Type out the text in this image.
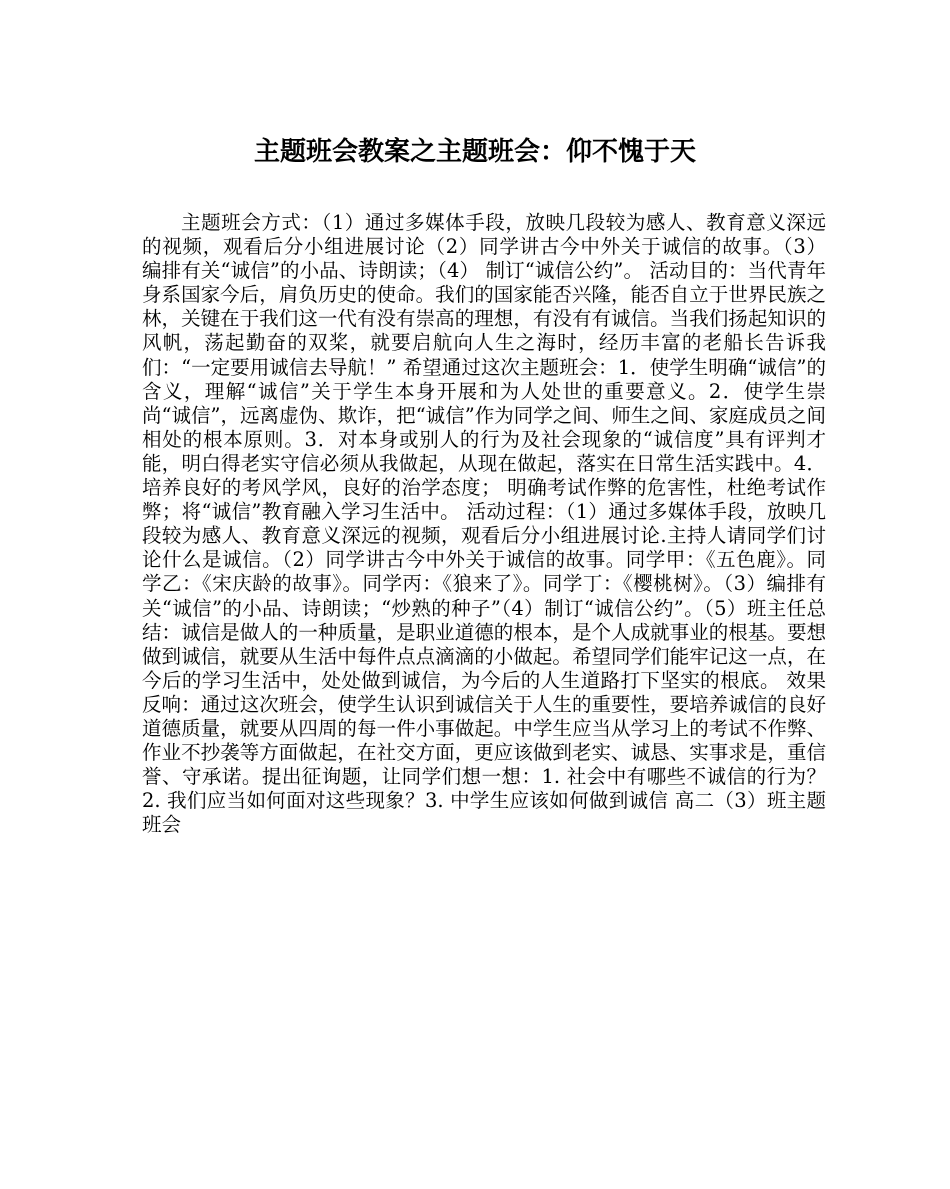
主题班会教案之主题班会：仰不愧于天

主题班会方式：（1）通过多媒体手段，放映几段较为感人、教育意义深远的视频，观看后分小组进展讨论（2）同学讲古今中外关于诚信的故事。（3） 编排有关“诚信”的小品、诗朗读；（4） 制订“诚信公约”。 活动目的：当代青年身系国家今后，肩负历史的使命。我们的国家能否兴隆，能否自立于世界民族之林，关键在于我们这一代有没有崇高的理想，有没有有诚信。当我们扬起知识的风帆，荡起勤奋的双桨，就要启航向人生之海时，经历丰富的老船长告诉我们：“一定要用诚信去导航！” 希望通过这次主题班会：1．使学生明确“诚信”的含义，理解“诚信”关于学生本身开展和为人处世的重要意义。2．使学生崇尚“诚信”，远离虚伪、欺诈，把“诚信”作为同学之间、师生之间、家庭成员之间相处的根本原则。3．对本身或别人的行为及社会现象的“诚信度”具有评判才能，明白得老实守信必须从我做起，从现在做起，落实在日常生活实践中。4．培养良好的考风学风，良好的治学态度； 明确考试作弊的危害性，杜绝考试作弊；将“诚信”教育融入学习生活中。 活动过程：（1）通过多媒体手段，放映几段较为感人、教育意义深远的视频，观看后分小组进展讨论.主持人请同学们讨论什么是诚信。（2）同学讲古今中外关于诚信的故事。同学甲：《五色鹿》。同学乙：《宋庆龄的故事》。同学丙：《狼来了》。同学丁：《樱桃树》。（3）编排有关“诚信”的小品、诗朗读；“炒熟的种子”（4）制订“诚信公约”。（5）班主任总结：诚信是做人的一种质量，是职业道德的根本，是个人成就事业的根基。要想做到诚信，就要从生活中每件点点滴滴的小做起。希望同学们能牢记这一点，在今后的学习生活中，处处做到诚信，为今后的人生道路打下坚实的根底。 效果反响：通过这次班会，使学生认识到诚信关于人生的重要性，要培养诚信的良好道德质量，就要从四周的每一件小事做起。中学生应当从学习上的考试不作弊、作业不抄袭等方面做起，在社交方面，更应该做到老实、诚恳、实事求是，重信誉、守承诺。提出征询题，让同学们想一想：1. 社会中有哪些不诚信的行为？2. 我们应当如何面对这些现象？3. 中学生应该如何做到诚信 高二（3）班主题班会
